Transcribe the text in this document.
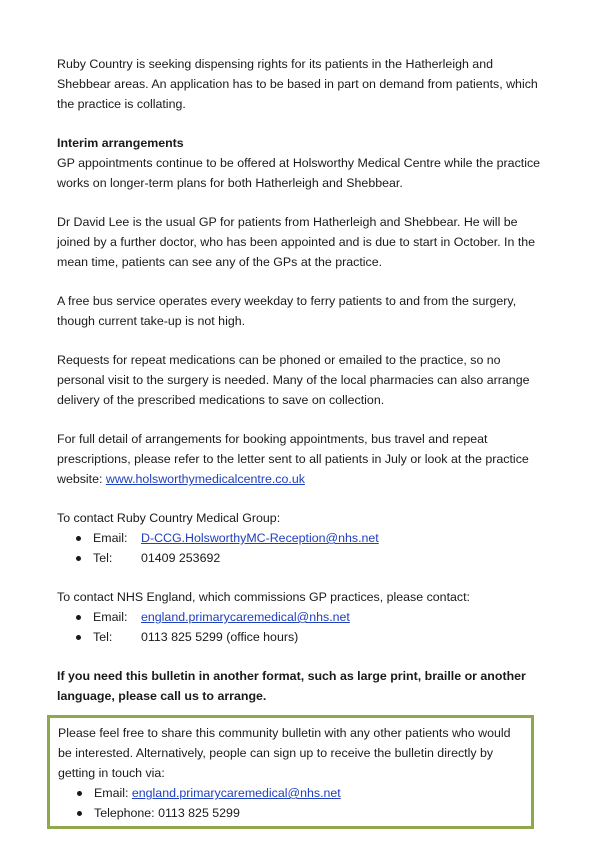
Ruby Country is seeking dispensing rights for its patients in the Hatherleigh and Shebbear areas. An application has to be based in part on demand from patients, which the practice is collating.

Interim arrangements

GP appointments continue to be offered at Holsworthy Medical Centre while the practice works on longer-term plans for both Hatherleigh and Shebbear.

Dr David Lee is the usual GP for patients from Hatherleigh and Shebbear. He will be joined by a further doctor, who has been appointed and is due to start in October. In the mean time, patients can see any of the GPs at the practice.

A free bus service operates every weekday to ferry patients to and from the surgery, though current take-up is not high.

Requests for repeat medications can be phoned or emailed to the practice, so no personal visit to the surgery is needed. Many of the local pharmacies can also arrange delivery of the prescribed medications to save on collection.

For full detail of arrangements for booking appointments, bus travel and repeat prescriptions, please refer to the letter sent to all patients in July or look at the practice website: www.holsworthymedicalcentre.co.uk

To contact Ruby Country Medical Group:

Email: D-CCG.HolsworthyMC-Reception@nhs.net
Tel: 01409 253692

To contact NHS England, which commissions GP practices, please contact:

Email: england.primarycaremedical@nhs.net
Tel: 0113 825 5299 (office hours)

If you need this bulletin in another format, such as large print, braille or another language, please call us to arrange.

Please feel free to share this community bulletin with any other patients who would be interested. Alternatively, people can sign up to receive the bulletin directly by getting in touch via:

Email: england.primarycaremedical@nhs.net
Telephone: 0113 825 5299
